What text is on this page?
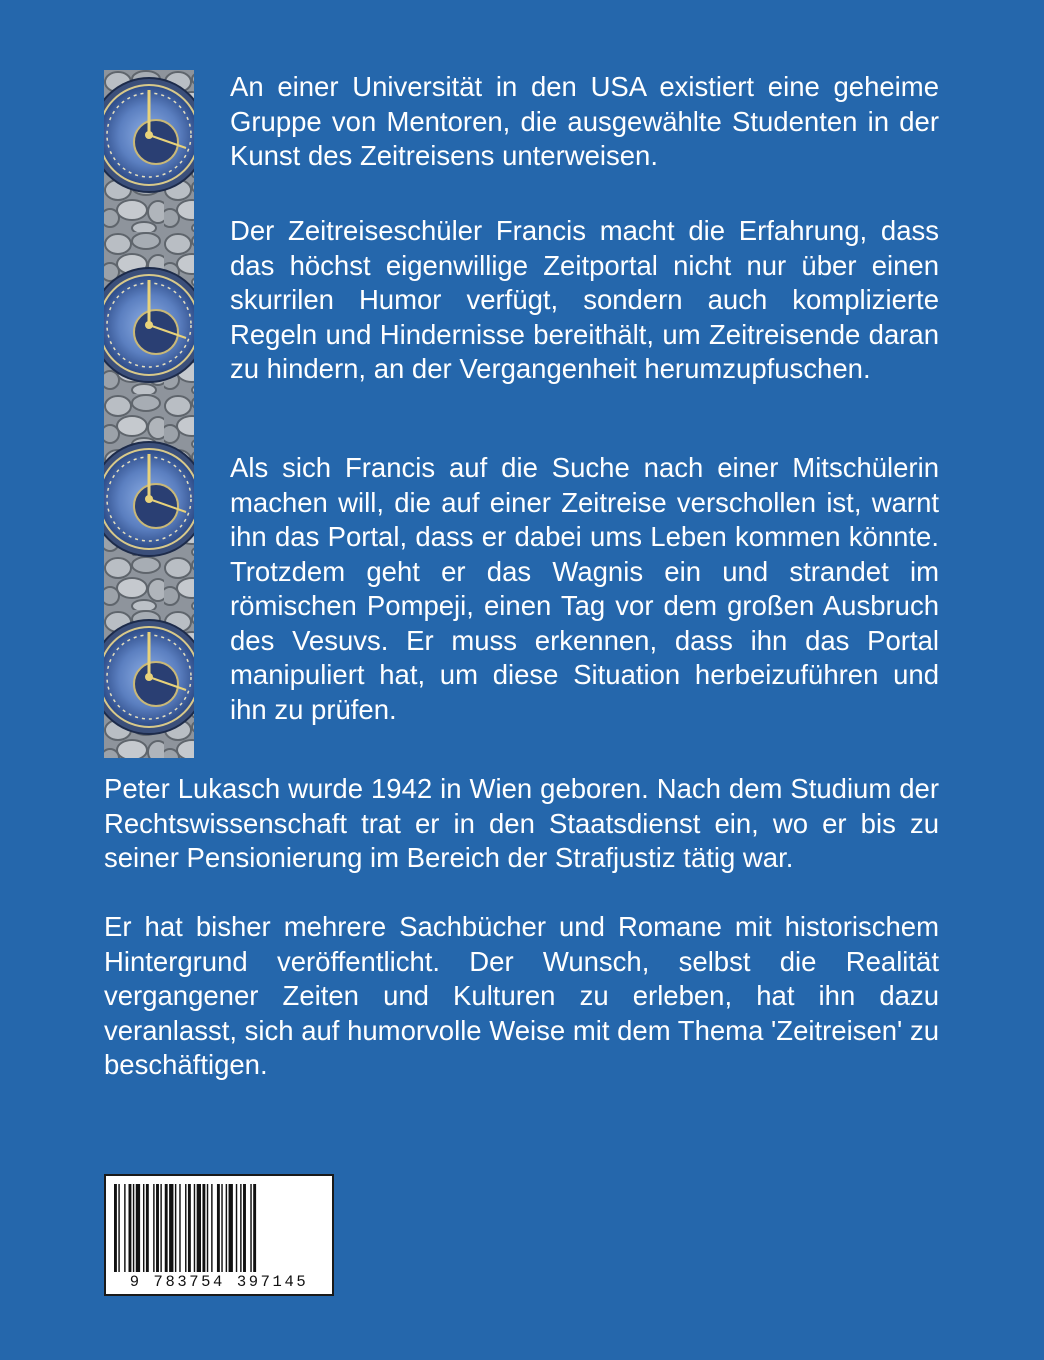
An einer Universität in den USA existiert eine geheime Gruppe von Mentoren, die ausgewählte Studenten in der Kunst des Zeitreisens unterweisen.

Der Zeitreiseschüler Francis macht die Erfahrung, dass das höchst eigenwillige Zeitportal nicht nur über einen skurrilen Humor verfügt, sondern auch komplizierte Regeln und Hindernisse bereithält, um Zeitreisende daran zu hindern, an der Vergangenheit herumzupfuschen.

Als sich Francis auf die Suche nach einer Mitschülerin machen will, die auf einer Zeitreise verschollen ist, warnt ihn das Portal, dass er dabei ums Leben kommen könnte. Trotzdem geht er das Wagnis ein und strandet im römischen Pompeji, einen Tag vor dem großen Ausbruch des Vesuvs. Er muss erkennen, dass ihn das Portal manipuliert hat, um diese Situation herbeizuführen und ihn zu prüfen.

Peter Lukasch wurde 1942 in Wien geboren. Nach dem Studium der Rechtswissenschaft trat er in den Staatsdienst ein, wo er bis zu seiner Pensionierung im Bereich der Strafjustiz tätig war.

Er hat bisher mehrere Sachbücher und Romane mit historischem Hintergrund veröffentlicht. Der Wunsch, selbst die Realität vergangener Zeiten und Kulturen zu erleben, hat ihn dazu veranlasst, sich auf humorvolle Weise mit dem Thema 'Zeitreisen' zu beschäftigen.

9 783754 397145
